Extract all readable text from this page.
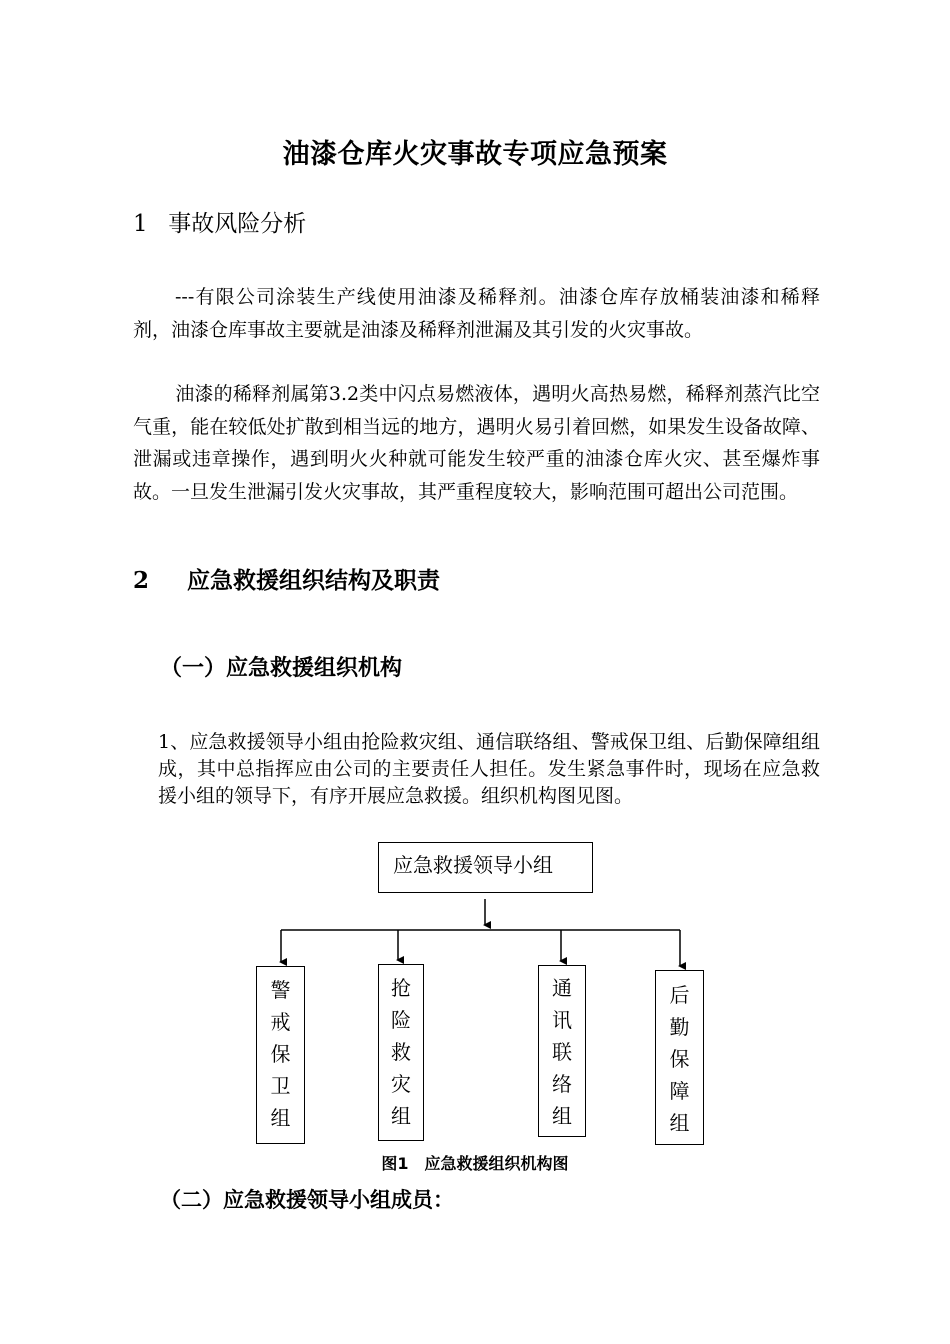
油漆仓库火灾事故专项应急预案
1 事故风险分析
---有限公司涂装生产线使用油漆及稀释剂。油漆仓库存放桶装油漆和稀释剂，油漆仓库事故主要就是油漆及稀释剂泄漏及其引发的火灾事故。
油漆的稀释剂属第3.2类中闪点易燃液体，遇明火高热易燃，稀释剂蒸汽比空气重，能在较低处扩散到相当远的地方，遇明火易引着回燃，如果发生设备故障、泄漏或违章操作，遇到明火火种就可能发生较严重的油漆仓库火灾、甚至爆炸事故。一旦发生泄漏引发火灾事故，其严重程度较大，影响范围可超出公司范围。
2 应急救援组织结构及职责
（一）应急救援组织机构
1、应急救援领导小组由抢险救灾组、通信联络组、警戒保卫组、后勤保障组组成，其中总指挥应由公司的主要责任人担任。发生紧急事件时，现场在应急救援小组的领导下，有序开展应急救援。组织机构图见图。
应急救援领导小组
警
戒
保
卫
组
抢
险
救
灾
组
通
讯
联
络
组
后
勤
保
障
组
图1　应急救援组织机构图
（二）应急救援领导小组成员：
